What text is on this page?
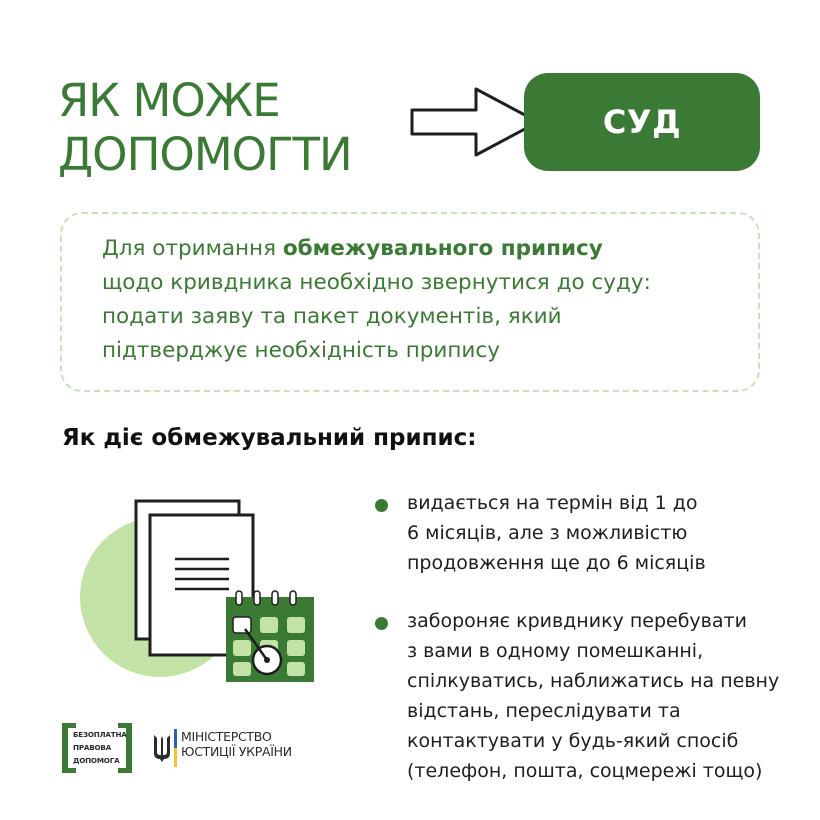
ЯК МОЖЕ
ДОПОМОГТИ
СУД
Для отримання обмежувального припису
щодо кривдника необхідно звернутися до суду:
подати заяву та пакет документів, який
підтверджує необхідність припису
Як діє обмежувальний припис:
видається на термін від 1 до
6 місяців, але з можливістю
продовження ще до 6 місяців
забороняє кривднику перебувати
з вами в одному помешканні,
спілкуватись, наближатись на певну
відстань, переслідувати та
контактувати у будь-який спосіб
(телефон, пошта, соцмережі тощо)
БЕЗОПЛАТНА
ПРАВОВА
ДОПОМОГА
МІНІСТЕРСТВО
ЮСТИЦІЇ УКРАЇНИ
